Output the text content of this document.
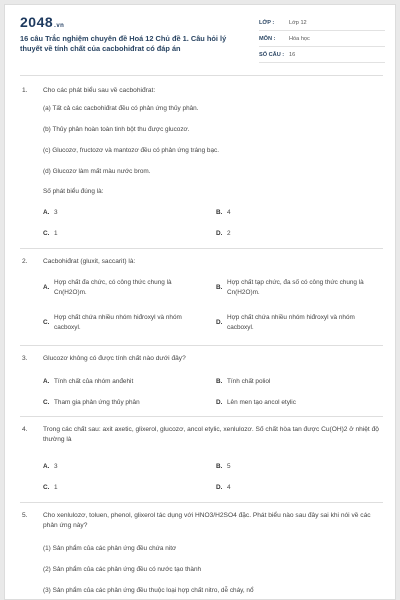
2048.vn
16 câu Trắc nghiệm chuyên đề Hoá 12 Chủ đề 1. Câu hỏi lý thuyết về tính chất của cacbohiđrat có đáp án
LỚP :	Lớp 12
MÔN : Hóa học
SỐ CÂU : 16
1. Cho các phát biểu sau về cacbohiđrat:
(a) Tất cả các cacbohiđrat đều có phản ứng thủy phân.
(b) Thủy phân hoàn toàn tinh bột thu được glucozơ.
(c) Glucozơ, fructozơ và mantozơ đều có phản ứng tráng bạc.
(d) Glucozơ làm mất màu nước brom.
Số phát biểu đúng là:
A. 3	B. 4
C. 1	D. 2
2. Cacbohiđrat (gluxit, saccarit) là:
A.
Hợp chất đa chức, có công thức chung là Cn(H2O)m.
B.
Hợp chất tạp chức, đa số có công thức chung là Cn(H2O)m.
C.
Hợp chất chứa nhiều nhóm hiđroxyl và nhóm cacboxyl.
D.
Hợp chất chứa nhiều nhóm hiđroxyl và nhóm cacboxyl.
3. Glucozơ không có được tính chất nào dưới đây?
A. Tính chất của nhóm anđehit	B. Tính chất poliol
C. Tham gia phản ứng thủy phân	D. Lên men tạo ancol etylic
4. Trong các chất sau: axit axetic, glixerol, glucozơ, ancol etylic, xenlulozơ. Số chất hòa tan được Cu(OH)2 ở nhiệt độ thường là
A. 3	B. 5
C. 1	D. 4
5. Cho xenlulozơ, toluen, phenol, glixerol tác dụng với HNO3/H2SO4 đặc. Phát biểu nào sau đây sai khi nói về các phản ứng này?
(1) Sản phẩm của các phản ứng đều chứa nitơ
(2) Sản phẩm của các phản ứng đều có nước tạo thành
(3) Sản phẩm của các phản ứng đều thuộc loại hợp chất nitro, dễ cháy, nổ
